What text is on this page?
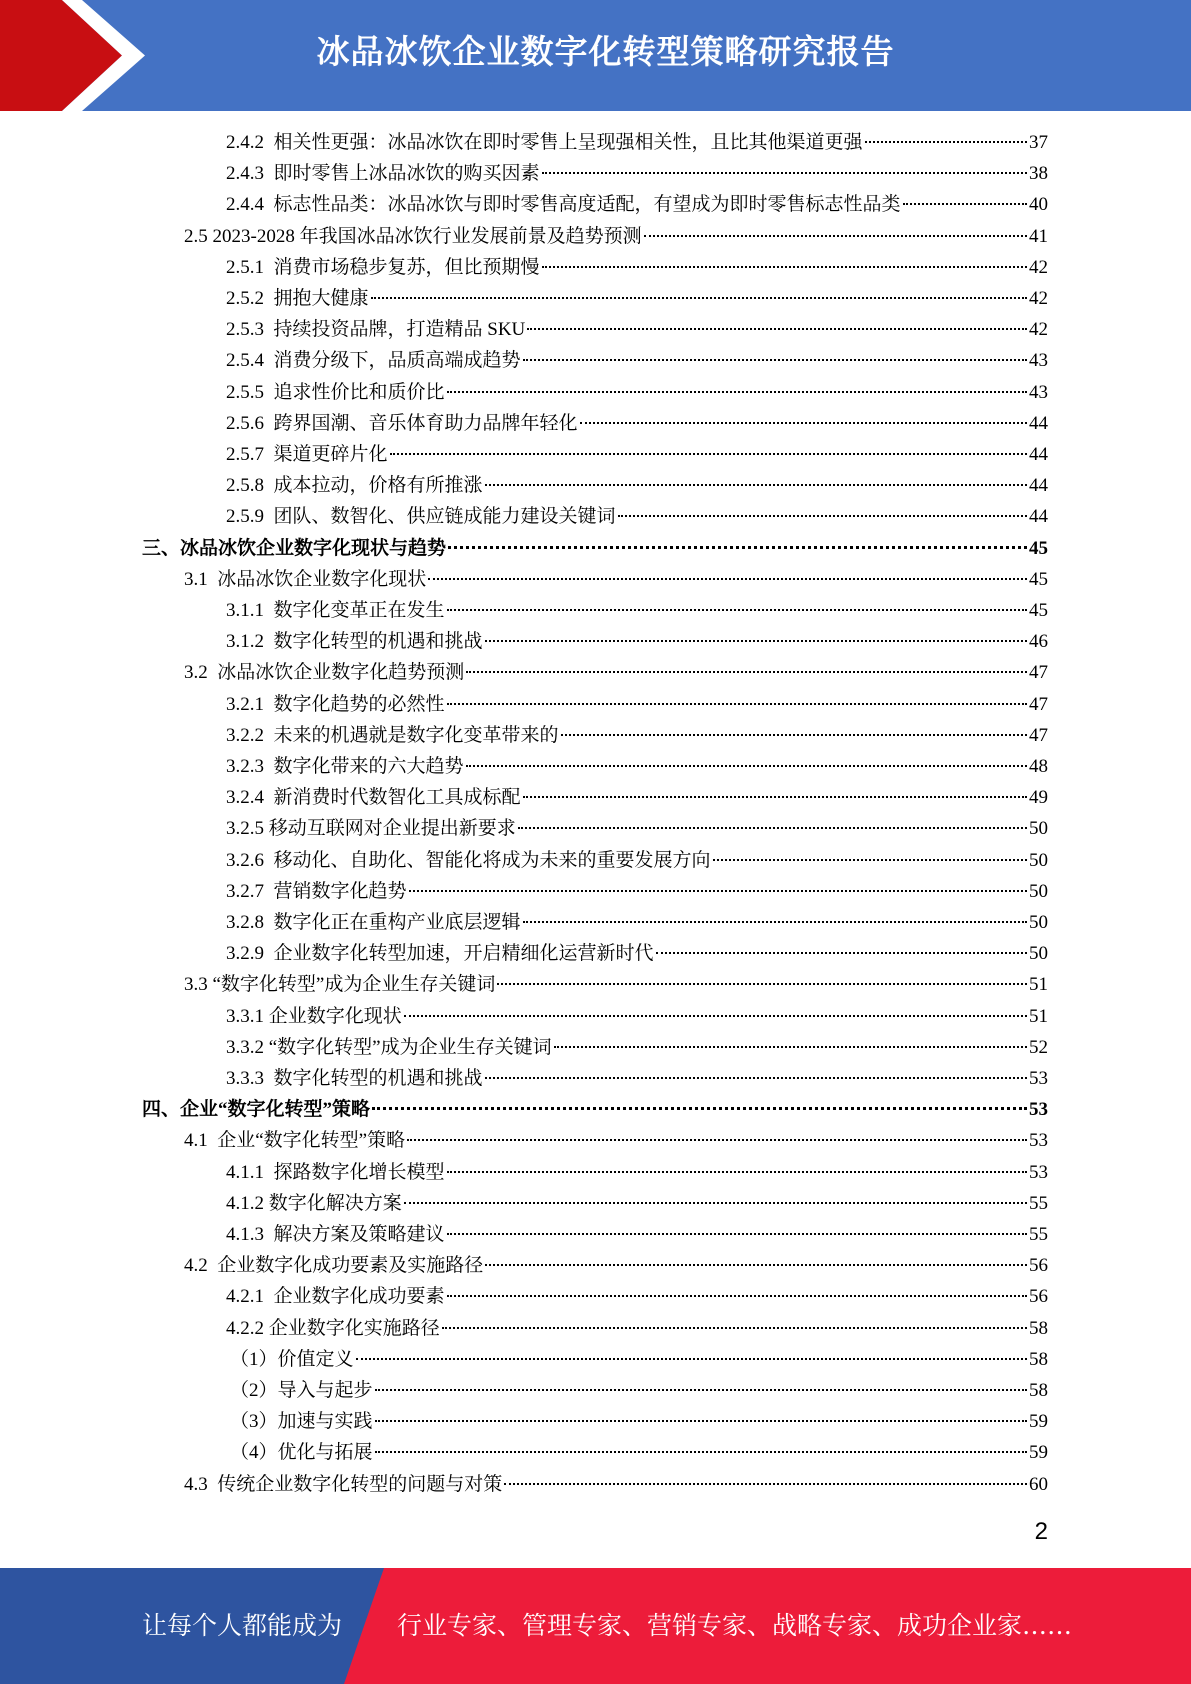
冰品冰饮企业数字化转型策略研究报告
2.4.2 相关性更强：冰品冰饮在即时零售上呈现强相关性，且比其他渠道更强	37
2.4.3 即时零售上冰品冰饮的购买因素	38
2.4.4 标志性品类：冰品冰饮与即时零售高度适配，有望成为即时零售标志性品类	40
2.5 2023-2028 年我国冰品冰饮行业发展前景及趋势预测	41
2.5.1 消费市场稳步复苏，但比预期慢	42
2.5.2 拥抱大健康	42
2.5.3 持续投资品牌，打造精品 SKU	42
2.5.4 消费分级下，品质高端成趋势	43
2.5.5 追求性价比和质价比	43
2.5.6 跨界国潮、音乐体育助力品牌年轻化	44
2.5.7 渠道更碎片化	44
2.5.8 成本拉动，价格有所推涨	44
2.5.9 团队、数智化、供应链成能力建设关键词	44
三、 冰品冰饮企业数字化现状与趋势	45
3.1 冰品冰饮企业数字化现状	45
3.1.1 数字化变革正在发生	45
3.1.2 数字化转型的机遇和挑战	46
3.2 冰品冰饮企业数字化趋势预测	47
3.2.1 数字化趋势的必然性	47
3.2.2 未来的机遇就是数字化变革带来的	47
3.2.3 数字化带来的六大趋势	48
3.2.4 新消费时代数智化工具成标配	49
3.2.5 移动互联网对企业提出新要求	50
3.2.6 移动化、自助化、智能化将成为未来的重要发展方向	50
3.2.7 营销数字化趋势	50
3.2.8 数字化正在重构产业底层逻辑	50
3.2.9 企业数字化转型加速，开启精细化运营新时代	50
3.3 “数字化转型”成为企业生存关键词	51
3.3.1 企业数字化现状	51
3.3.2 “数字化转型”成为企业生存关键词	52
3.3.3 数字化转型的机遇和挑战	53
四、 企业“数字化转型”策略	53
4.1 企业“数字化转型”策略	53
4.1.1 探路数字化增长模型	53
4.1.2 数字化解决方案	55
4.1.3 解决方案及策略建议	55
4.2 企业数字化成功要素及实施路径	56
4.2.1 企业数字化成功要素	56
4.2.2 企业数字化实施路径	58
（1） 价值定义	58
（2） 导入与起步	58
（3） 加速与实践	59
（4） 优化与拓展	59
4.3 传统企业数字化转型的问题与对策	60
2
让每个人都能成为 行业专家、管理专家、营销专家、战略专家、成功企业家……
